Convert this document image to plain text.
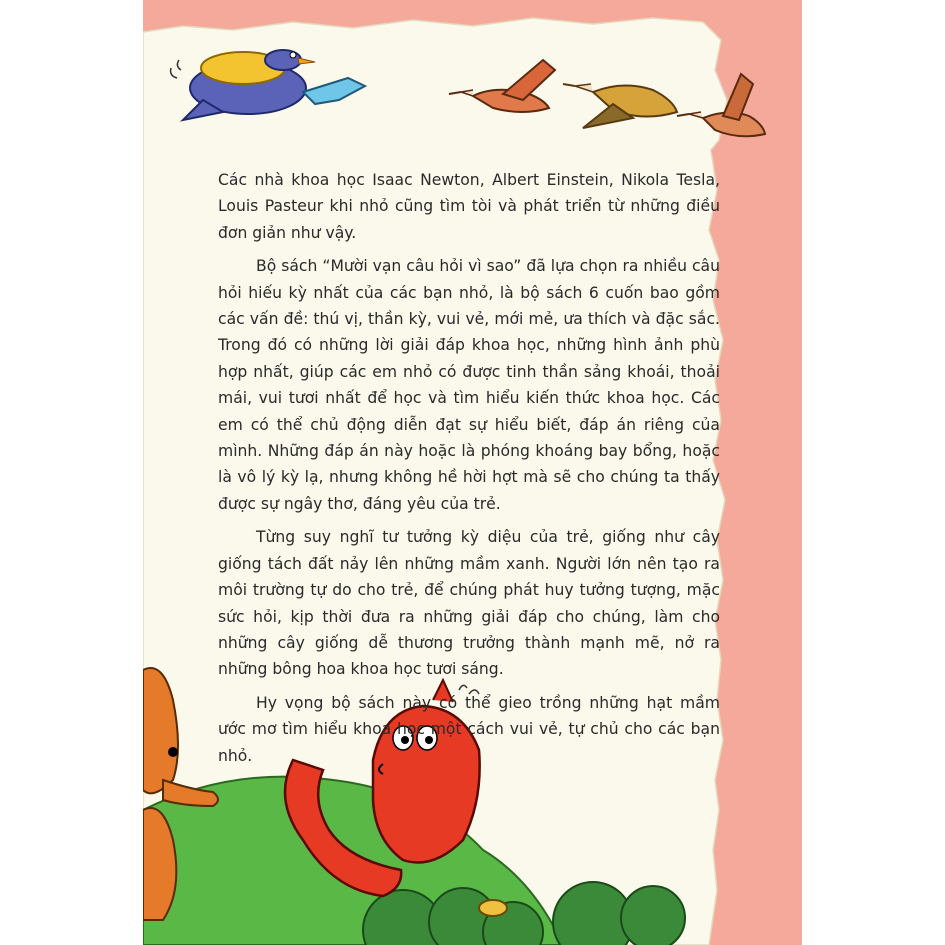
Các nhà khoa học Isaac Newton, Albert Einstein, Nikola Tesla, Louis Pasteur khi nhỏ cũng tìm tòi và phát triển từ những điều đơn giản như vậy.

Bộ sách “Mười vạn câu hỏi vì sao” đã lựa chọn ra nhiều câu hỏi hiếu kỳ nhất của các bạn nhỏ, là bộ sách 6 cuốn bao gồm các vấn đề: thú vị, thần kỳ, vui vẻ, mới mẻ, ưa thích và đặc sắc. Trong đó có những lời giải đáp khoa học, những hình ảnh phù hợp nhất, giúp các em nhỏ có được tinh thần sảng khoái, thoải mái, vui tươi nhất để học và tìm hiểu kiến thức khoa học. Các em có thể chủ động diễn đạt sự hiểu biết, đáp án riêng của mình. Những đáp án này hoặc là phóng khoáng bay bổng, hoặc là vô lý kỳ lạ, nhưng không hề hời hợt mà sẽ cho chúng ta thấy được sự ngây thơ, đáng yêu của trẻ.

Từng suy nghĩ tư tưởng kỳ diệu của trẻ, giống như cây giống tách đất nảy lên những mầm xanh. Người lớn nên tạo ra môi trường tự do cho trẻ, để chúng phát huy tưởng tượng, mặc sức hỏi, kịp thời đưa ra những giải đáp cho chúng, làm cho những cây giống dễ thương trưởng thành mạnh mẽ, nở ra những bông hoa khoa học tươi sáng.

Hy vọng bộ sách này có thể gieo trồng những hạt mầm ước mơ tìm hiểu khoa học một cách vui vẻ, tự chủ cho các bạn nhỏ.
